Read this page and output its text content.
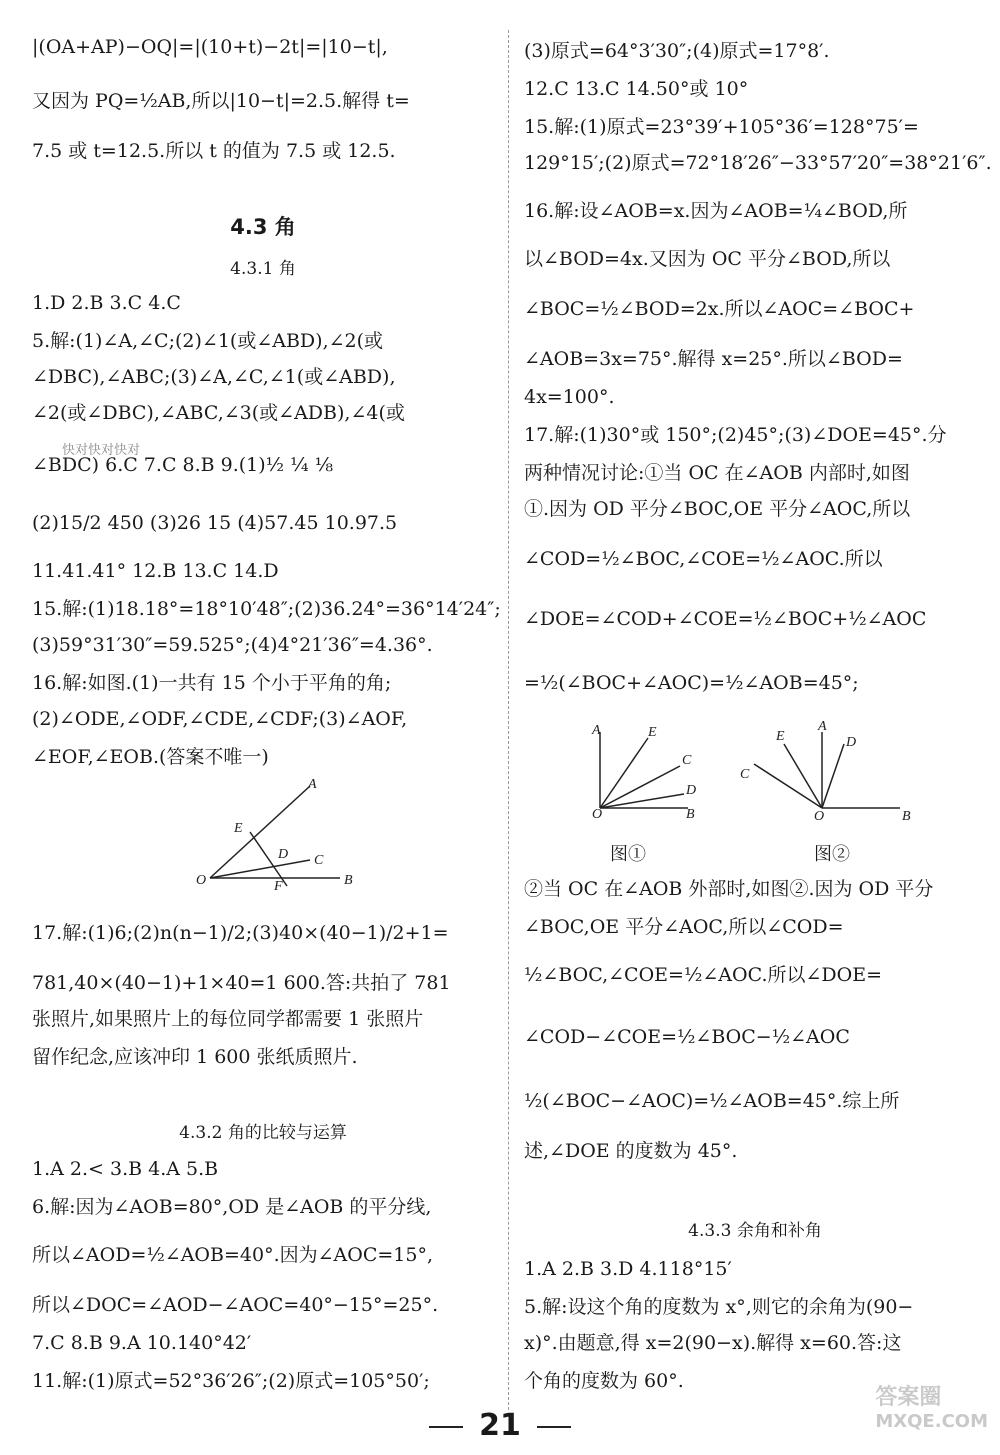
|(OA+AP)−OQ|=|(10+t)−2t|=|10−t|,
又因为 PQ=½AB,所以|10−t|=2.5.解得 t=
7.5 或 t=12.5.所以 t 的值为 7.5 或 12.5.
4.3 角
4.3.1 角
1.D 2.B 3.C 4.C
5.解:(1)∠A,∠C;(2)∠1(或∠ABD),∠2(或
∠DBC),∠ABC;(3)∠A,∠C,∠1(或∠ABD),
∠2(或∠DBC),∠ABC,∠3(或∠ADB),∠4(或
∠BDC) 6.C 7.C 8.B 9.(1)½ ¼ ⅛
快对快对快对
(2)15/2 450 (3)26 15 (4)57.45 10.97.5
11.41.41° 12.B 13.C 14.D
15.解:(1)18.18°=18°10′48″;(2)36.24°=36°14′24″;
(3)59°31′30″=59.525°;(4)4°21′36″=4.36°.
16.解:如图.(1)一共有 15 个小于平角的角;
(2)∠ODE,∠ODF,∠CDE,∠CDF;(3)∠AOF,
∠EOF,∠EOB.(答案不唯一)
A
E
D C
O	F	B
17.解:(1)6;(2)n(n−1)/2;(3)40×(40−1)/2+1=
781,40×(40−1)+1×40=1 600.答:共拍了 781
张照片,如果照片上的每位同学都需要 1 张照片
留作纪念,应该冲印 1 600 张纸质照片.
4.3.2 角的比较与运算
1.A 2.< 3.B 4.A 5.B
6.解:因为∠AOB=80°,OD 是∠AOB 的平分线,
所以∠AOD=½∠AOB=40°.因为∠AOC=15°,
所以∠DOC=∠AOD−∠AOC=40°−15°=25°.
7.C 8.B 9.A 10.140°42′
11.解:(1)原式=52°36′26″;(2)原式=105°50′;
(3)原式=64°3′30″;(4)原式=17°8′.
12.C 13.C 14.50°或 10°
15.解:(1)原式=23°39′+105°36′=128°75′=
129°15′;(2)原式=72°18′26″−33°57′20″=38°21′6″.
16.解:设∠AOB=x.因为∠AOB=¼∠BOD,所
以∠BOD=4x.又因为 OC 平分∠BOD,所以
∠BOC=½∠BOD=2x.所以∠AOC=∠BOC+
∠AOB=3x=75°.解得 x=25°.所以∠BOD=
4x=100°.
17.解:(1)30°或 150°;(2)45°;(3)∠DOE=45°.分
两种情况讨论:①当 OC 在∠AOB 内部时,如图
①.因为 OD 平分∠BOC,OE 平分∠AOC,所以
∠COD=½∠BOC,∠COE=½∠AOC.所以
∠DOE=∠COD+∠COE=½∠BOC+½∠AOC
=½(∠BOC+∠AOC)=½∠AOB=45°;
A	E
C
D
O	B
图①
E
A
D
C
O	B
图②
②当 OC 在∠AOB 外部时,如图②.因为 OD 平分
∠BOC,OE 平分∠AOC,所以∠COD=
½∠BOC,∠COE=½∠AOC.所以∠DOE=
∠COD−∠COE=½∠BOC−½∠AOC
½(∠BOC−∠AOC)=½∠AOB=45°.综上所
述,∠DOE 的度数为 45°.
4.3.3 余角和补角
1.A 2.B 3.D 4.118°15′
5.解:设这个角的度数为 x°,则它的余角为(90−
x)°.由题意,得 x=2(90−x).解得 x=60.答:这
个角的度数为 60°.
21
答案圈
MXQE.COM
